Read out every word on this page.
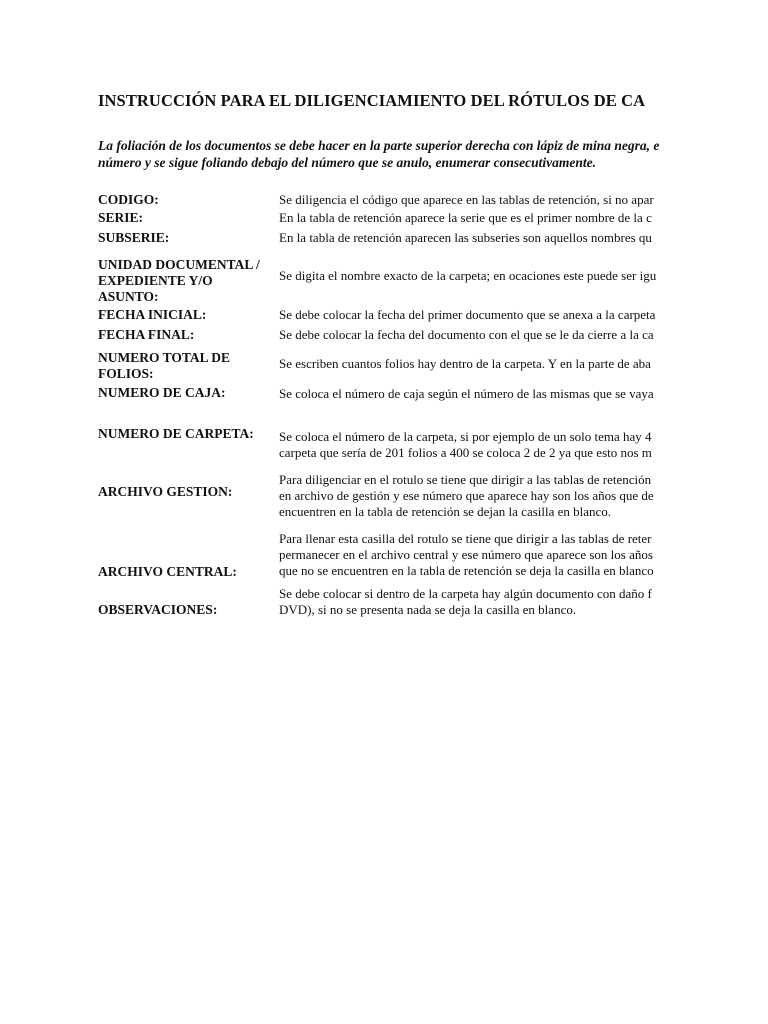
INSTRUCCIÓN PARA EL DILIGENCIAMIENTO DEL RÓTULOS DE CA
La foliación de los documentos se debe hacer en la parte superior derecha con lápiz de mina negra, e
número y se sigue foliando debajo del número que se anulo, enumerar consecutivamente.
CODIGO:	Se diligencia el código que aparece en las tablas de retención, si no apar
SERIE:	En la tabla de retención aparece la serie que es el primer nombre de la c
SUBSERIE:	En la tabla de retención aparecen las subseries son aquellos nombres qu
UNIDAD DOCUMENTAL /
EXPEDIENTE Y/O
ASUNTO:
Se digita el nombre exacto de la carpeta; en ocaciones este puede ser igu
FECHA INICIAL:	Se debe colocar la fecha del primer documento que se anexa a la carpeta
FECHA FINAL:	Se debe colocar la fecha del documento con el que se le da cierre a la ca
NUMERO TOTAL DE
FOLIOS:
Se escriben cuantos folios hay dentro de la carpeta. Y en la parte de aba
NUMERO DE CAJA:	Se coloca el número de caja según el número de las mismas que se vaya
NUMERO DE CARPETA: Se coloca el número de la carpeta, si por ejemplo de un solo tema hay 4
carpeta que sería de 201 folios a 400 se coloca 2 de 2 ya que esto nos m
ARCHIVO GESTION:
Para diligenciar en el rotulo se tiene que dirigir a las tablas de retención
en archivo de gestión y ese número que aparece hay son los años que de
encuentren en la tabla de retención se dejan la casilla en blanco.
ARCHIVO CENTRAL:
Para llenar esta casilla del rotulo se tiene que dirigir a las tablas de reter
permanecer en el archivo central y ese número que aparece son los años
que no se encuentren en la tabla de retención se deja la casilla en blanco
OBSERVACIONES:
Se debe colocar si dentro de la carpeta hay algún documento con daño f
DVD), si no se presenta nada se deja la casilla en blanco.
